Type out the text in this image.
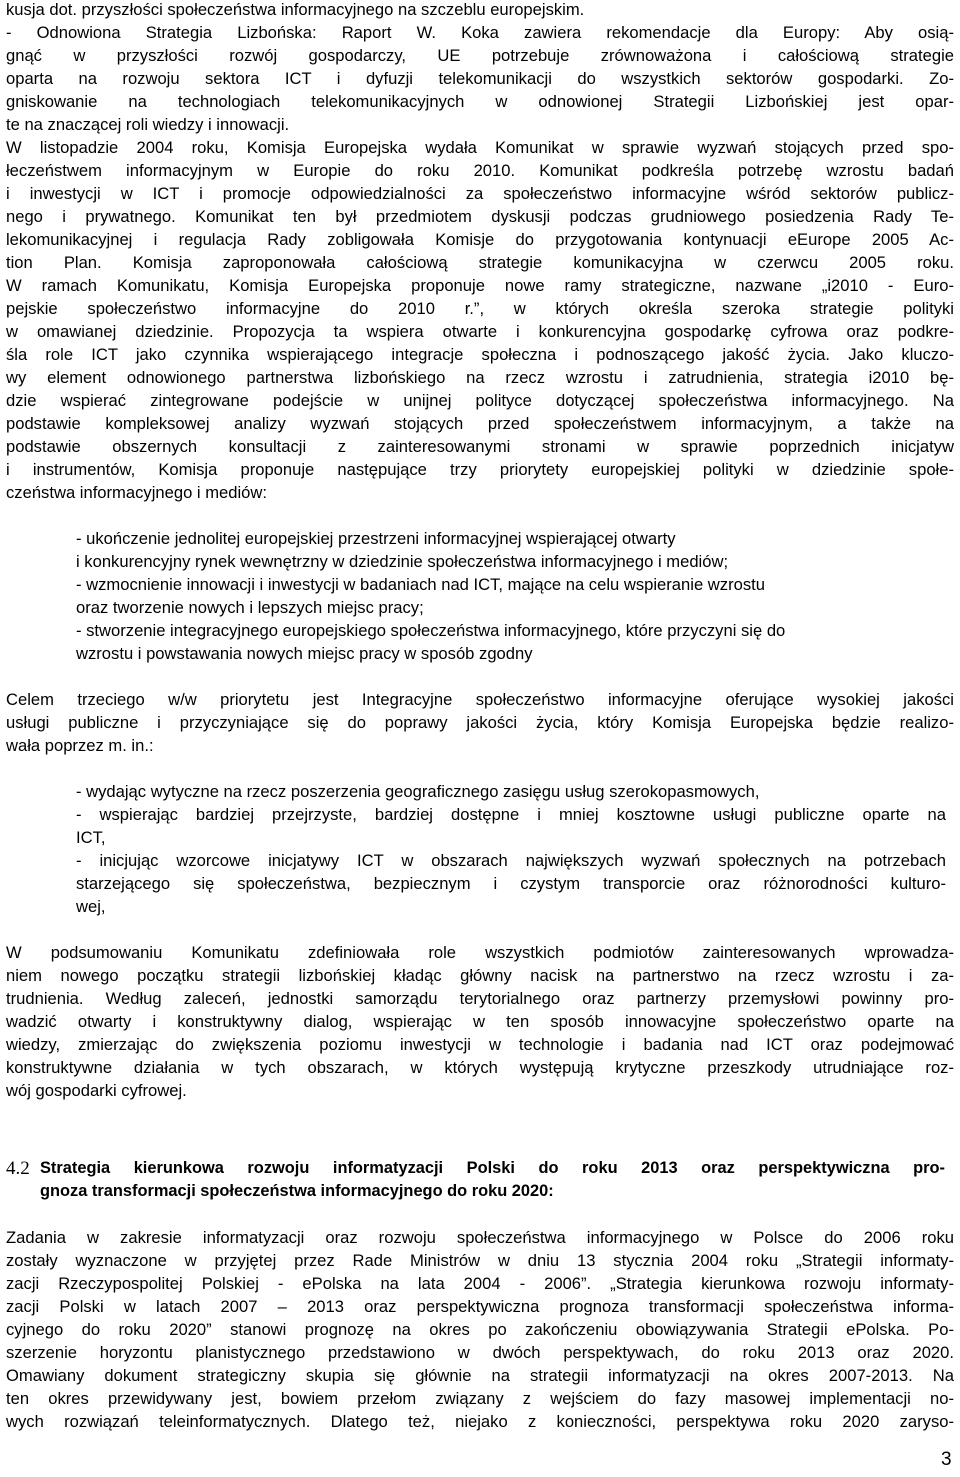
kusja dot. przyszłości społeczeństwa informacyjnego na szczeblu europejskim.
- Odnowiona Strategia Lizbońska: Raport W. Koka zawiera rekomendacje dla Europy: Aby osią-
gnąć w przyszłości rozwój gospodarczy, UE potrzebuje zrównoważona i całościową strategie
oparta na rozwoju sektora ICT i dyfuzji telekomunikacji do wszystkich sektorów gospodarki. Zo-
gniskowanie na technologiach telekomunikacyjnych w odnowionej Strategii Lizbońskiej jest opar-
te na znaczącej roli wiedzy i innowacji.
W listopadzie 2004 roku, Komisja Europejska wydała Komunikat w sprawie wyzwań stojących przed spo-
łeczeństwem informacyjnym w Europie do roku 2010. Komunikat podkreśla potrzebę wzrostu badań
i inwestycji w ICT i promocje odpowiedzialności za społeczeństwo informacyjne wśród sektorów publicz-
nego i prywatnego. Komunikat ten był przedmiotem dyskusji podczas grudniowego posiedzenia Rady Te-
lekomunikacyjnej i regulacja Rady zobligowała Komisje do przygotowania kontynuacji eEurope 2005 Ac-
tion Plan. Komisja zaproponowała całościową strategie komunikacyjna w czerwcu 2005 roku.
W ramach Komunikatu, Komisja Europejska proponuje nowe ramy strategiczne, nazwane „i2010 - Euro-
pejskie społeczeństwo informacyjne do 2010 r.”, w których określa szeroka strategie polityki
w omawianej dziedzinie. Propozycja ta wspiera otwarte i konkurencyjna gospodarkę cyfrowa oraz podkre-
śla role ICT jako czynnika wspierającego integracje społeczna i podnoszącego jakość życia. Jako kluczo-
wy element odnowionego partnerstwa lizbońskiego na rzecz wzrostu i zatrudnienia, strategia i2010 bę-
dzie wspierać zintegrowane podejście w unijnej polityce dotyczącej społeczeństwa informacyjnego. Na
podstawie kompleksowej analizy wyzwań stojących przed społeczeństwem informacyjnym, a także na
podstawie obszernych konsultacji z zainteresowanymi stronami w sprawie poprzednich inicjatyw
i instrumentów, Komisja proponuje następujące trzy priorytety europejskiej polityki w dziedzinie społe-
czeństwa informacyjnego i mediów:
- ukończenie jednolitej europejskiej przestrzeni informacyjnej wspierającej otwarty
i konkurencyjny rynek wewnętrzny w dziedzinie społeczeństwa informacyjnego i mediów;
- wzmocnienie innowacji i inwestycji w badaniach nad ICT, mające na celu wspieranie wzrostu
oraz tworzenie nowych i lepszych miejsc pracy;
- stworzenie integracyjnego europejskiego społeczeństwa informacyjnego, które przyczyni się do
wzrostu i powstawania nowych miejsc pracy w sposób zgodny
Celem trzeciego w/w priorytetu jest Integracyjne społeczeństwo informacyjne oferujące wysokiej jakości
usługi publiczne i przyczyniające się do poprawy jakości życia, który Komisja Europejska będzie realizo-
wała poprzez m. in.:
- wydając wytyczne na rzecz poszerzenia geograficznego zasięgu usług szerokopasmowych,
- wspierając bardziej przejrzyste, bardziej dostępne i mniej kosztowne usługi publiczne oparte na
ICT,
- inicjując wzorcowe inicjatywy ICT w obszarach największych wyzwań społecznych na potrzebach
starzejącego się społeczeństwa, bezpiecznym i czystym transporcie oraz różnorodności kulturo-
wej,
W podsumowaniu Komunikatu zdefiniowała role wszystkich podmiotów zainteresowanych wprowadza-
niem nowego początku strategii lizbońskiej kładąc główny nacisk na partnerstwo na rzecz wzrostu i za-
trudnienia. Według zaleceń, jednostki samorządu terytorialnego oraz partnerzy przemysłowi powinny pro-
wadzić otwarty i konstruktywny dialog, wspierając w ten sposób innowacyjne społeczeństwo oparte na
wiedzy, zmierzając do zwiększenia poziomu inwestycji w technologie i badania nad ICT oraz podejmować
konstruktywne działania w tych obszarach, w których występują krytyczne przeszkody utrudniające roz-
wój gospodarki cyfrowej.
4.2 Strategia kierunkowa rozwoju informatyzacji Polski do roku 2013 oraz perspektywiczna pro-
gnoza transformacji społeczeństwa informacyjnego do roku 2020:
Zadania w zakresie informatyzacji oraz rozwoju społeczeństwa informacyjnego w Polsce do 2006 roku
zostały wyznaczone w przyjętej przez Rade Ministrów w dniu 13 stycznia 2004 roku „Strategii informaty-
zacji Rzeczypospolitej Polskiej - ePolska na lata 2004 - 2006”. „Strategia kierunkowa rozwoju informaty-
zacji Polski w latach 2007 – 2013 oraz perspektywiczna prognoza transformacji społeczeństwa informa-
cyjnego do roku 2020” stanowi prognozę na okres po zakończeniu obowiązywania Strategii ePolska. Po-
szerzenie horyzontu planistycznego przedstawiono w dwóch perspektywach, do roku 2013 oraz 2020.
Omawiany dokument strategiczny skupia się głównie na strategii informatyzacji na okres 2007-2013. Na
ten okres przewidywany jest, bowiem przełom związany z wejściem do fazy masowej implementacji no-
wych rozwiązań teleinformatycznych. Dlatego też, niejako z konieczności, perspektywa roku 2020 zaryso-
3
